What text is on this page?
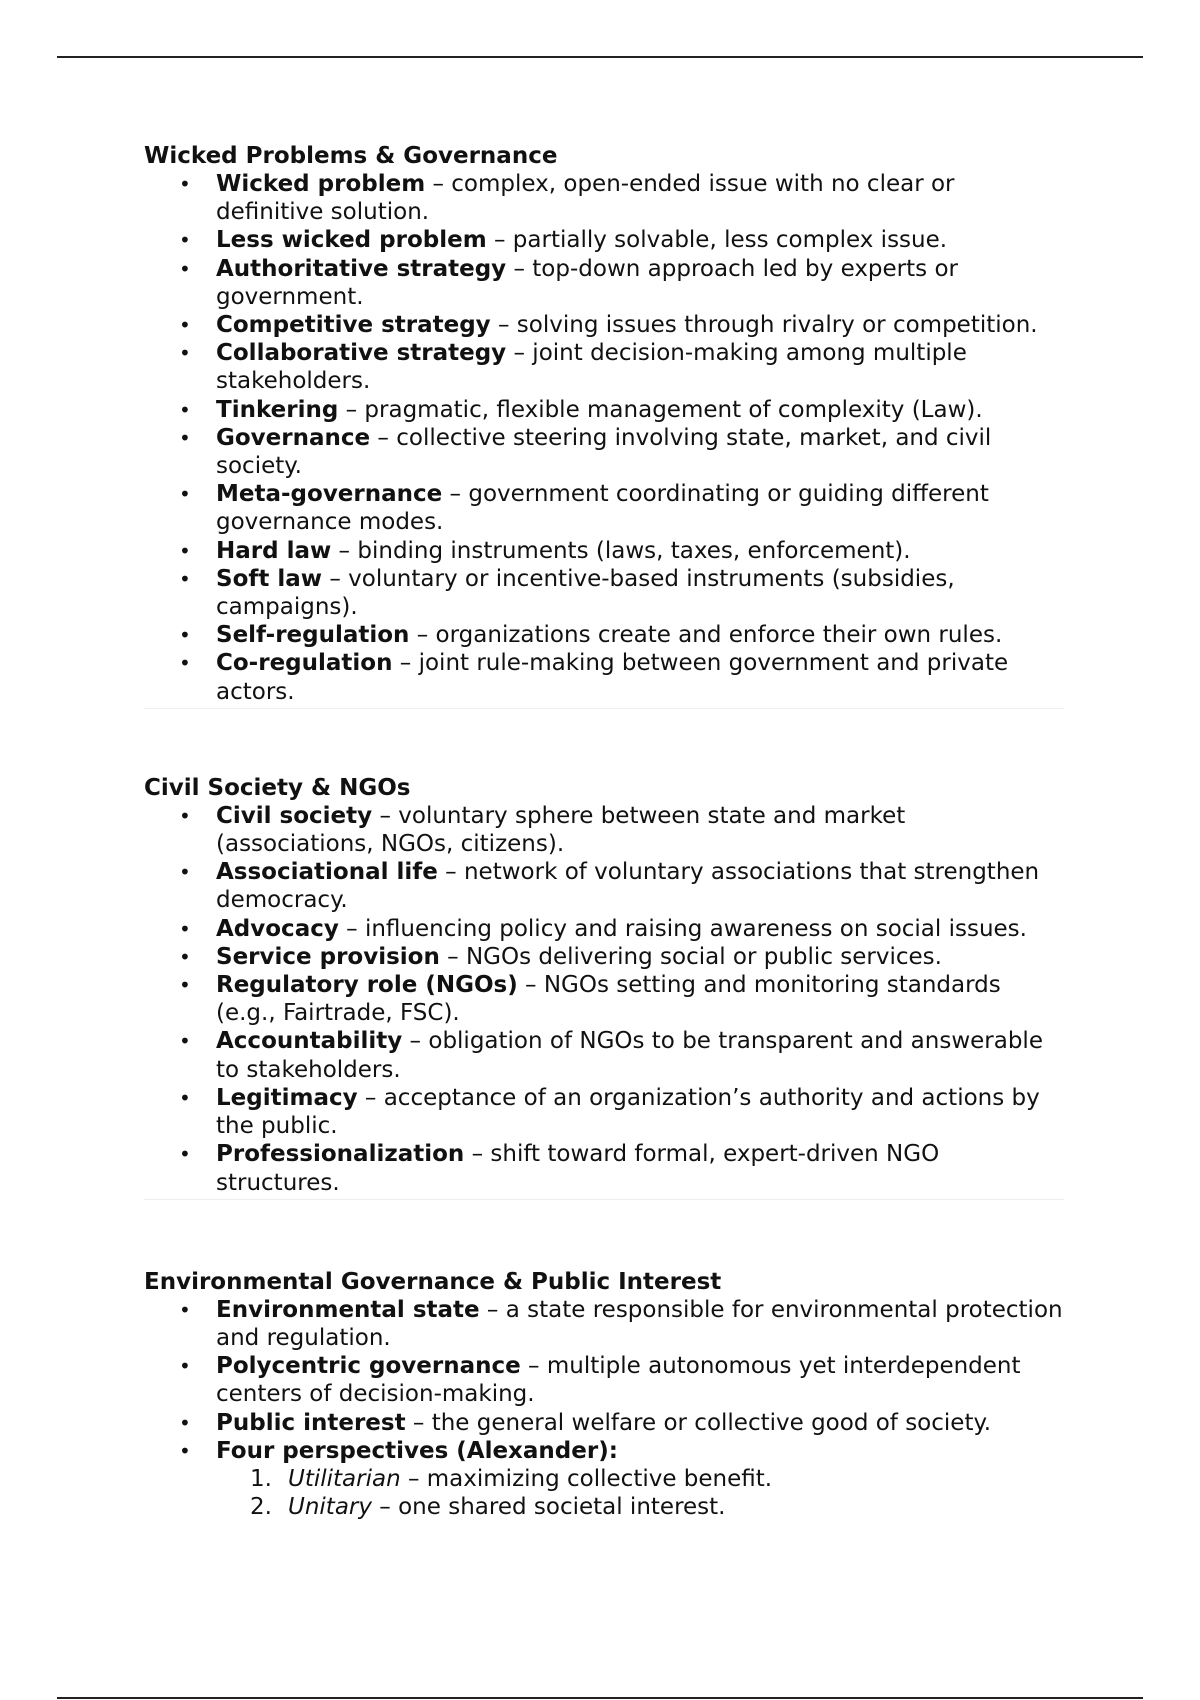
Wicked Problems & Governance
• Wicked problem – complex, open-ended issue with no clear or definitive solution.
• Less wicked problem – partially solvable, less complex issue.
• Authoritative strategy – top-down approach led by experts or government.
• Competitive strategy – solving issues through rivalry or competition.
• Collaborative strategy – joint decision-making among multiple stakeholders.
• Tinkering – pragmatic, flexible management of complexity (Law).
• Governance – collective steering involving state, market, and civil society.
• Meta-governance – government coordinating or guiding different governance modes.
• Hard law – binding instruments (laws, taxes, enforcement).
• Soft law – voluntary or incentive-based instruments (subsidies, campaigns).
• Self-regulation – organizations create and enforce their own rules.
• Co-regulation – joint rule-making between government and private actors.
Civil Society & NGOs
• Civil society – voluntary sphere between state and market (associations, NGOs, citizens).
• Associational life – network of voluntary associations that strengthen democracy.
• Advocacy – influencing policy and raising awareness on social issues.
• Service provision – NGOs delivering social or public services.
• Regulatory role (NGOs) – NGOs setting and monitoring standards (e.g., Fairtrade, FSC).
• Accountability – obligation of NGOs to be transparent and answerable to stakeholders.
• Legitimacy – acceptance of an organization’s authority and actions by the public.
• Professionalization – shift toward formal, expert-driven NGO structures.
Environmental Governance & Public Interest
• Environmental state – a state responsible for environmental protection and regulation.
• Polycentric governance – multiple autonomous yet interdependent centers of decision-making.
• Public interest – the general welfare or collective good of society.
• Four perspectives (Alexander):
1. Utilitarian – maximizing collective benefit.
2. Unitary – one shared societal interest.
